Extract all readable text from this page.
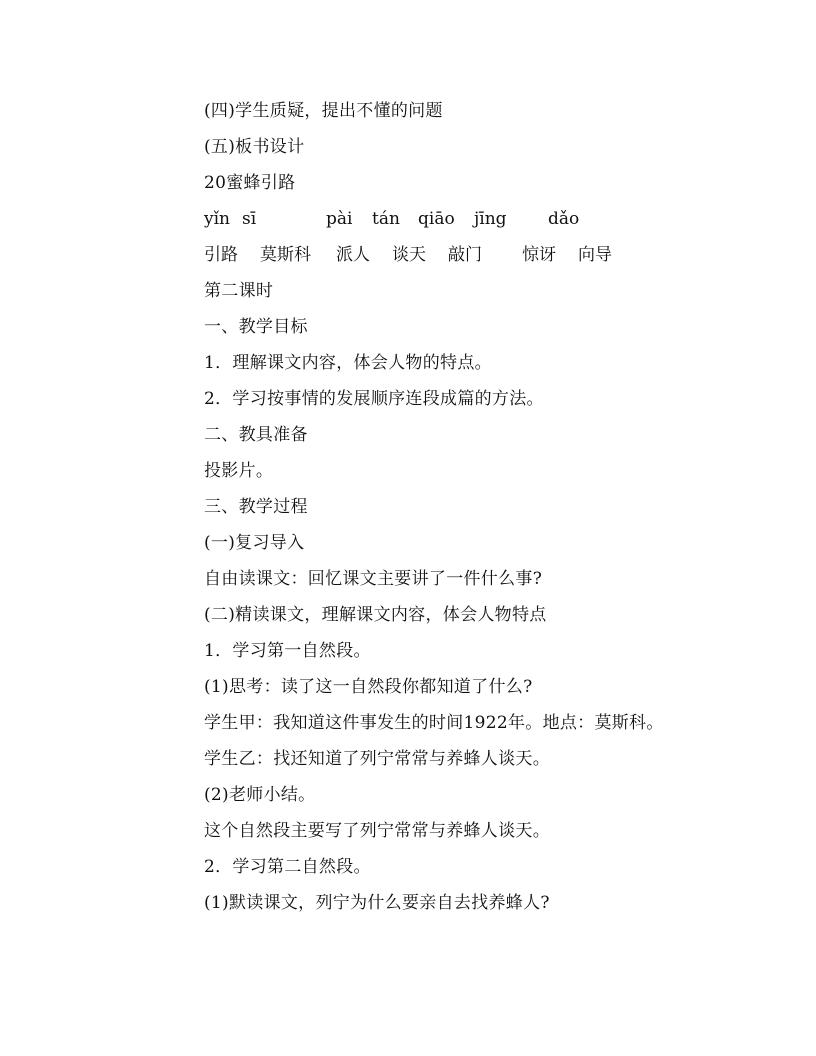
(四)学生质疑，提出不懂的问题
(五)板书设计
20蜜蜂引路
yǐn sī	pài	tán	qiāo	jīng	dǎo
引路	莫斯科	派人	谈天	敲门	惊讶	向导
第二课时
一、教学目标
1．理解课文内容，体会人物的特点。
2．学习按事情的发展顺序连段成篇的方法。
二、教具准备
投影片。
三、教学过程
(一)复习导入
自由读课文：回忆课文主要讲了一件什么事?
(二)精读课文，理解课文内容，体会人物特点
1．学习第一自然段。
(1)思考：读了这一自然段你都知道了什么?
学生甲：我知道这件事发生的时间1922年。地点：莫斯科。
学生乙：找还知道了列宁常常与养蜂人谈天。
(2)老师小结。
这个自然段主要写了列宁常常与养蜂人谈天。
2．学习第二自然段。
(1)默读课文，列宁为什么要亲自去找养蜂人?
